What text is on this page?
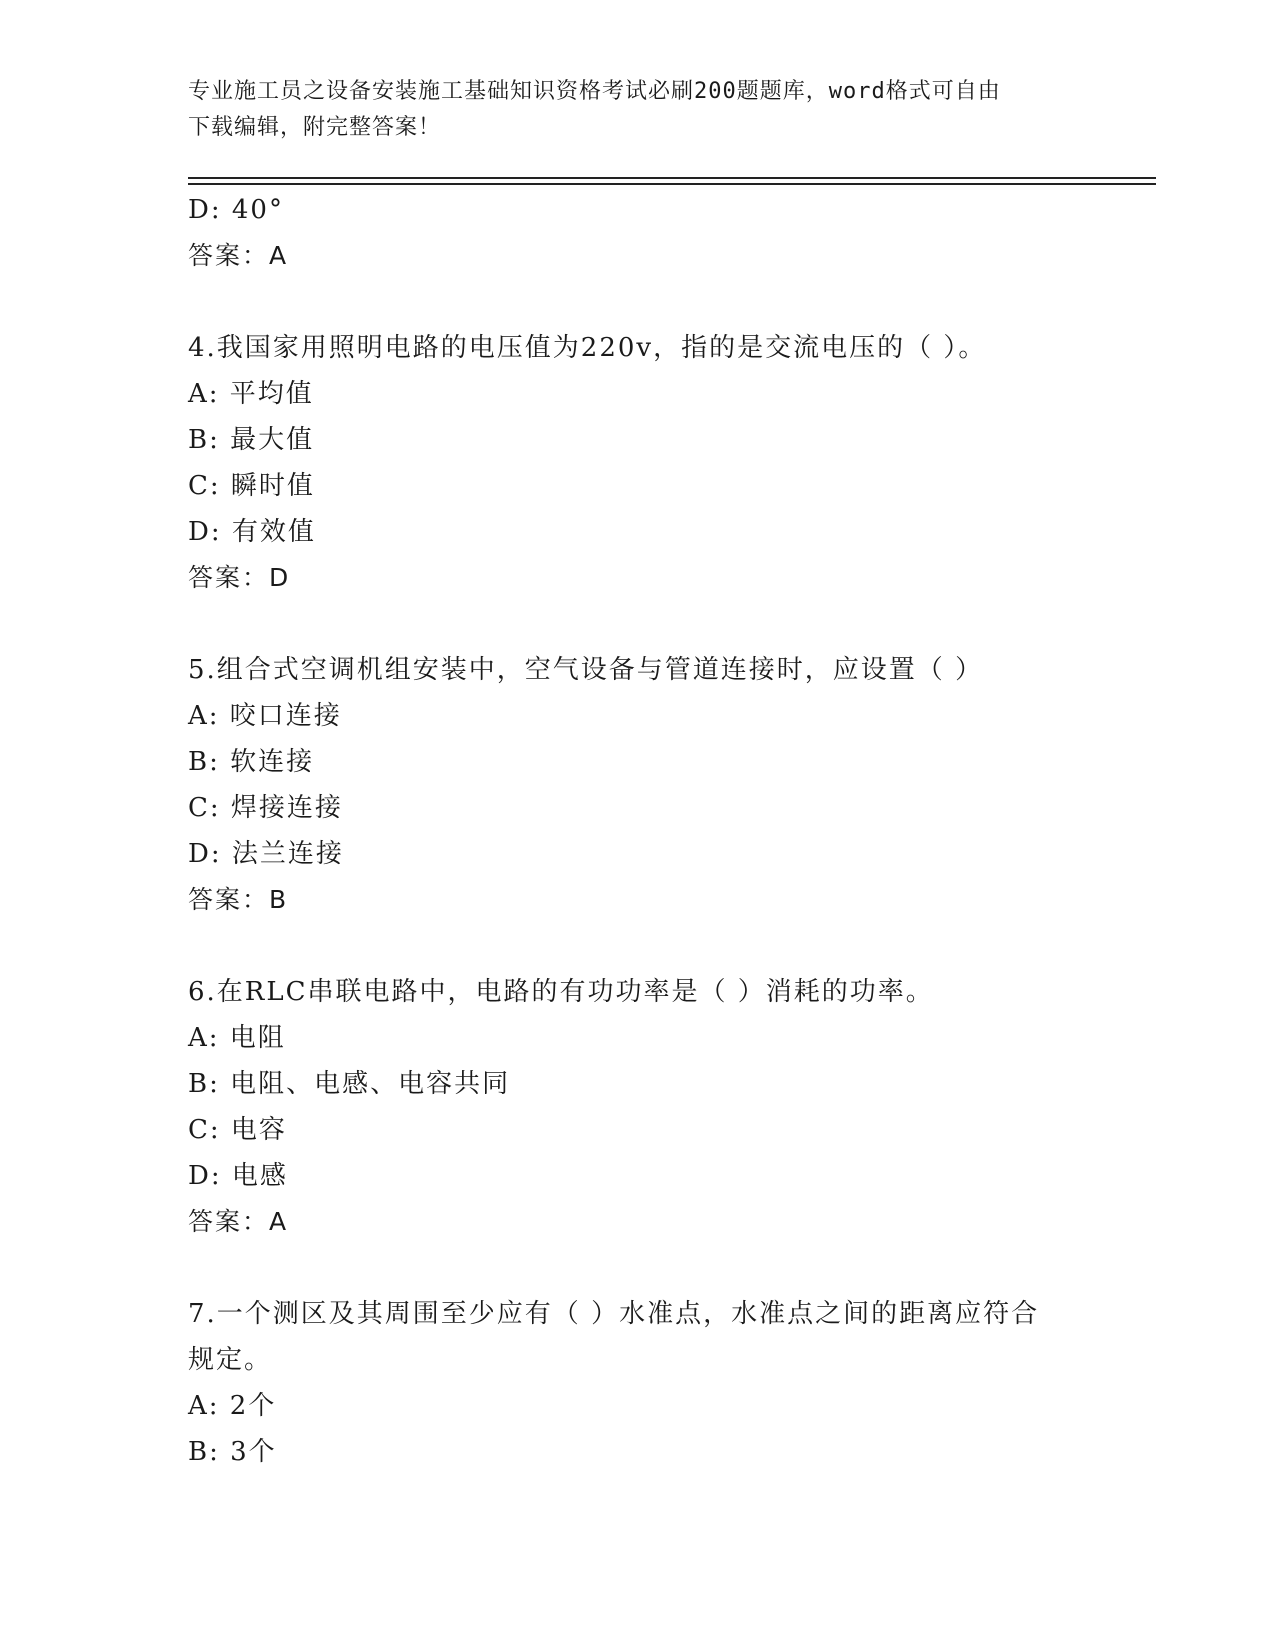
专业施工员之设备安装施工基础知识资格考试必刷200题题库，word格式可自由
下载编辑，附完整答案！
D: 40°
答案：A
4.我国家用照明电路的电压值为220v，指的是交流电压的（ ）。
A: 平均值
B: 最大值
C: 瞬时值
D: 有效值
答案：D
5.组合式空调机组安装中，空气设备与管道连接时，应设置（ ）
A: 咬口连接
B: 软连接
C: 焊接连接
D: 法兰连接
答案：B
6.在RLC串联电路中，电路的有功功率是（ ）消耗的功率。
A: 电阻
B: 电阻、电感、电容共同
C: 电容
D: 电感
答案：A
7.一个测区及其周围至少应有（ ）水准点，水准点之间的距离应符合
规定。
A: 2个
B: 3个
